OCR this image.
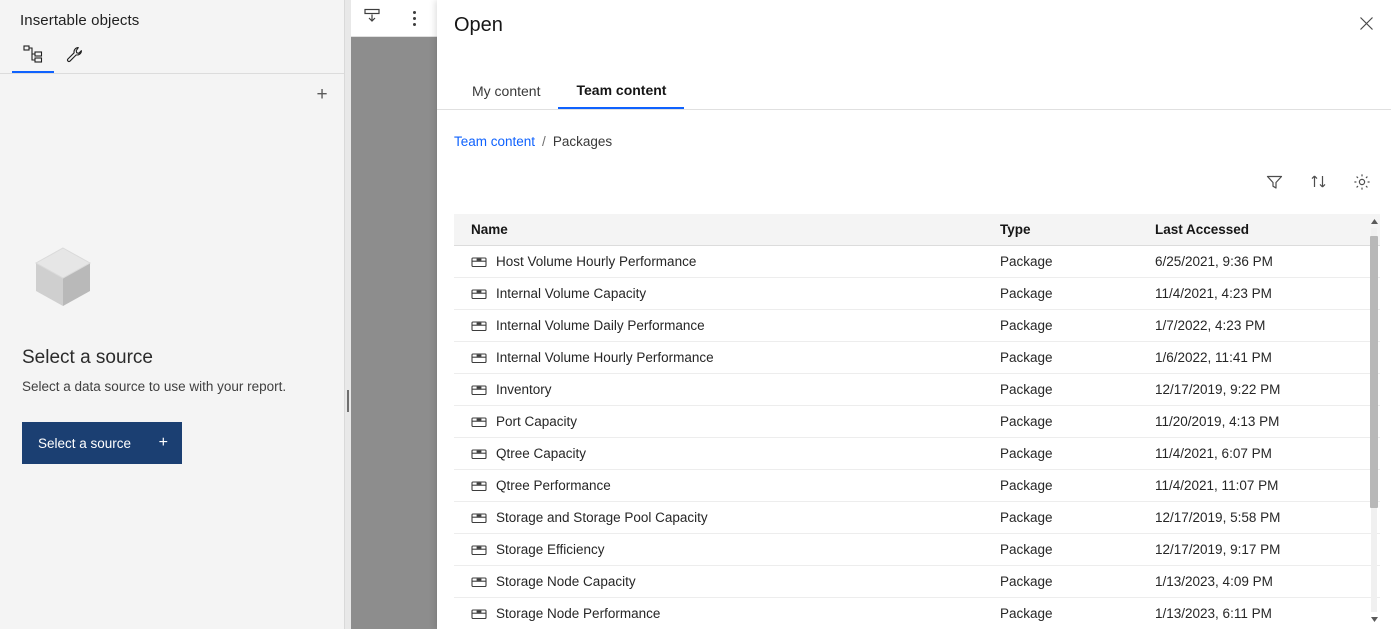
Insertable objects
+
Select a source

Select a data source to use with your report.

Select a source +
Open
My content	Team content
Team content / Packages
Name	Type	Last Accessed
Host Volume Hourly Performance	Package	6/25/2021, 9:36 PM
Internal Volume Capacity	Package	11/4/2021, 4:23 PM
Internal Volume Daily Performance	Package	1/7/2022, 4:23 PM
Internal Volume Hourly Performance	Package	1/6/2022, 11:41 PM
Inventory	Package	12/17/2019, 9:22 PM
Port Capacity	Package	11/20/2019, 4:13 PM
Qtree Capacity	Package	11/4/2021, 6:07 PM
Qtree Performance	Package	11/4/2021, 11:07 PM
Storage and Storage Pool Capacity	Package	12/17/2019, 5:58 PM
Storage Efficiency	Package	12/17/2019, 9:17 PM
Storage Node Capacity	Package	1/13/2023, 4:09 PM
Storage Node Performance	Package	1/13/2023, 6:11 PM
